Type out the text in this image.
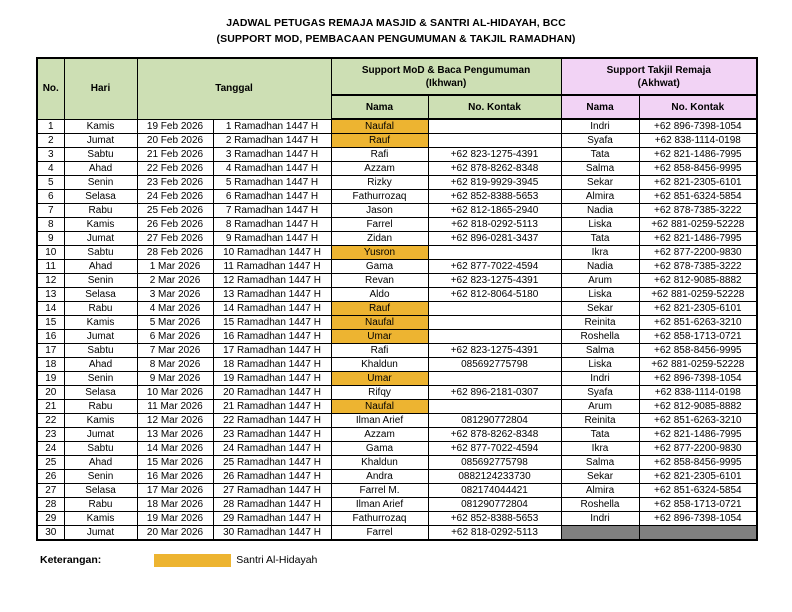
JADWAL PETUGAS REMAJA MASJID & SANTRI AL-HIDAYAH, BCC
(SUPPORT MOD, PEMBACAAN PENGUMUMAN & TAKJIL RAMADHAN)
No.	Hari	Tanggal		Support MoD & Baca Pengumuman
(Ikhwan)		Support Takjil Remaja
(Akhwat)	

				Nama	No. Kontak	Nama	No. Kontak
1	Kamis	19 Feb 2026	1 Ramadhan 1447 H	Naufal		Indri	+62 896-7398-1054
2	Jumat	20 Feb 2026	2 Ramadhan 1447 H	Rauf		Syafa	+62 838-1114-0198
3	Sabtu	21 Feb 2026	3 Ramadhan 1447 H	Rafi	+62 823-1275-4391	Tata	+62 821-1486-7995
4	Ahad	22 Feb 2026	4 Ramadhan 1447 H	Azzam	+62 878-8262-8348	Salma	+62 858-8456-9995
5	Senin	23 Feb 2026	5 Ramadhan 1447 H	Rizky	+62 819-9929-3945	Sekar	+62 821-2305-6101
6	Selasa	24 Feb 2026	6 Ramadhan 1447 H	Fathurrozaq	+62 852-8388-5653	Almira	+62 851-6324-5854
7	Rabu	25 Feb 2026	7 Ramadhan 1447 H	Jason	+62 812-1865-2940	Nadia	+62 878-7385-3222
8	Kamis	26 Feb 2026	8 Ramadhan 1447 H	Farrel	+62 818-0292-5113	Liska	+62 881-0259-52228
9	Jumat	27 Feb 2026	9 Ramadhan 1447 H	Zidan	+62 896-0281-3437	Tata	+62 821-1486-7995
10	Sabtu	28 Feb 2026	10 Ramadhan 1447 H	Yusron		Ikra	+62 877-2200-9830
11	Ahad	1 Mar 2026	11 Ramadhan 1447 H	Gama	+62 877-7022-4594	Nadia	+62 878-7385-3222
12	Senin	2 Mar 2026	12 Ramadhan 1447 H	Revan	+62 823-1275-4391	Arum	+62 812-9085-8882
13	Selasa	3 Mar 2026	13 Ramadhan 1447 H	Aldo	+62 812-8064-5180	Liska	+62 881-0259-52228
14	Rabu	4 Mar 2026	14 Ramadhan 1447 H	Rauf		Sekar	+62 821-2305-6101
15	Kamis	5 Mar 2026	15 Ramadhan 1447 H	Naufal		Reinita	+62 851-6263-3210
16	Jumat	6 Mar 2026	16 Ramadhan 1447 H	Umar		Roshella	+62 858-1713-0721
17	Sabtu	7 Mar 2026	17 Ramadhan 1447 H	Rafi	+62 823-1275-4391	Salma	+62 858-8456-9995
18	Ahad	8 Mar 2026	18 Ramadhan 1447 H	Khaldun	085692775798	Liska	+62 881-0259-52228
19	Senin	9 Mar 2026	19 Ramadhan 1447 H	Umar		Indri	+62 896-7398-1054
20	Selasa	10 Mar 2026	20 Ramadhan 1447 H	Rifqy	+62 896-2181-0307	Syafa	+62 838-1114-0198
21	Rabu	11 Mar 2026	21 Ramadhan 1447 H	Naufal		Arum	+62 812-9085-8882
22	Kamis	12 Mar 2026	22 Ramadhan 1447 H	Ilman Arief	081290772804	Reinita	+62 851-6263-3210
23	Jumat	13 Mar 2026	23 Ramadhan 1447 H	Azzam	+62 878-8262-8348	Tata	+62 821-1486-7995
24	Sabtu	14 Mar 2026	24 Ramadhan 1447 H	Gama	+62 877-7022-4594	Ikra	+62 877-2200-9830
25	Ahad	15 Mar 2026	25 Ramadhan 1447 H	Khaldun	085692775798	Salma	+62 858-8456-9995
26	Senin	16 Mar 2026	26 Ramadhan 1447 H	Andra	0882124233730	Sekar	+62 821-2305-6101
27	Selasa	17 Mar 2026	27 Ramadhan 1447 H	Farrel M.	082174044421	Almira	+62 851-6324-5854
28	Rabu	18 Mar 2026	28 Ramadhan 1447 H	Ilman Arief	081290772804	Roshella	+62 858-1713-0721
29	Kamis	19 Mar 2026	29 Ramadhan 1447 H	Fathurrozaq	+62 852-8388-5653	Indri	+62 896-7398-1054
30	Jumat	20 Mar 2026	30 Ramadhan 1447 H	Farrel	+62 818-0292-5113		
Keterangan:	Santri Al-Hidayah
